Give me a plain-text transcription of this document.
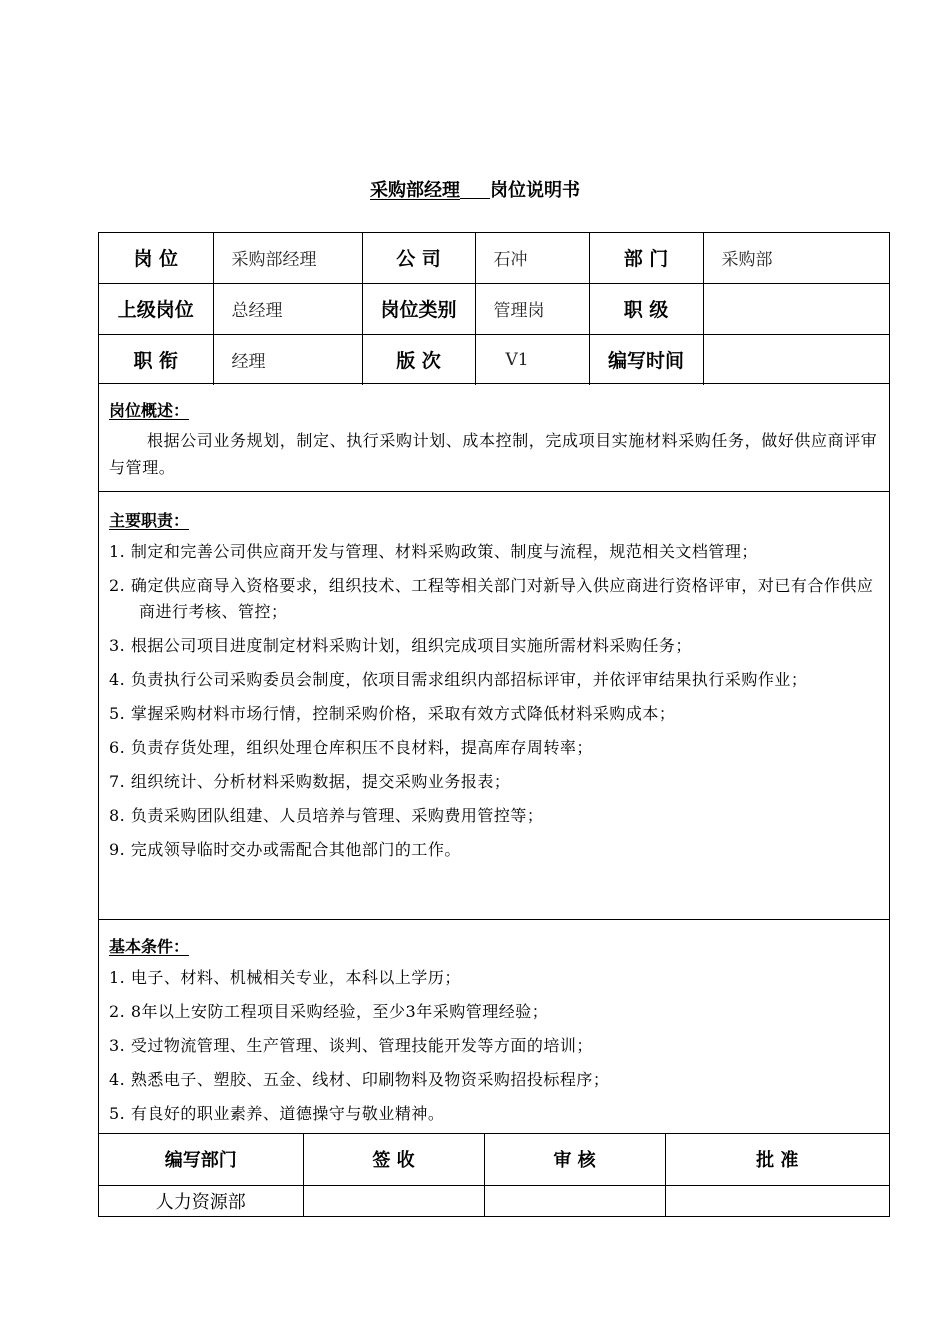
采购部经理 岗位说明书
岗 位	采购部经理	公 司	石冲	部 门	采购部
上级岗位	总经理	岗位类别	管理岗	职 级	
职 衔	经理	版 次	V1	编写时间	
岗位概述：
根据公司业务规划，制定、执行采购计划、成本控制，完成项目实施材料采购任务，做好供应商评审与管理。
主要职责：
1. 制定和完善公司供应商开发与管理、材料采购政策、制度与流程，规范相关文档管理；
2. 确定供应商导入资格要求，组织技术、工程等相关部门对新导入供应商进行资格评审，对已有合作供应商进行考核、管控；
3. 根据公司项目进度制定材料采购计划，组织完成项目实施所需材料采购任务；
4. 负责执行公司采购委员会制度，依项目需求组织内部招标评审，并依评审结果执行采购作业；
5. 掌握采购材料市场行情，控制采购价格，采取有效方式降低材料采购成本；
6. 负责存货处理，组织处理仓库积压不良材料，提高库存周转率；
7. 组织统计、分析材料采购数据，提交采购业务报表；
8. 负责采购团队组建、人员培养与管理、采购费用管控等；
9. 完成领导临时交办或需配合其他部门的工作。
基本条件：
1. 电子、材料、机械相关专业，本科以上学历；
2. 8年以上安防工程项目采购经验，至少3年采购管理经验；
3. 受过物流管理、生产管理、谈判、管理技能开发等方面的培训；
4. 熟悉电子、塑胶、五金、线材、印刷物料及物资采购招投标程序；
5. 有良好的职业素养、道德操守与敬业精神。
编写部门	签 收	审 核	批 准
人力资源部			
